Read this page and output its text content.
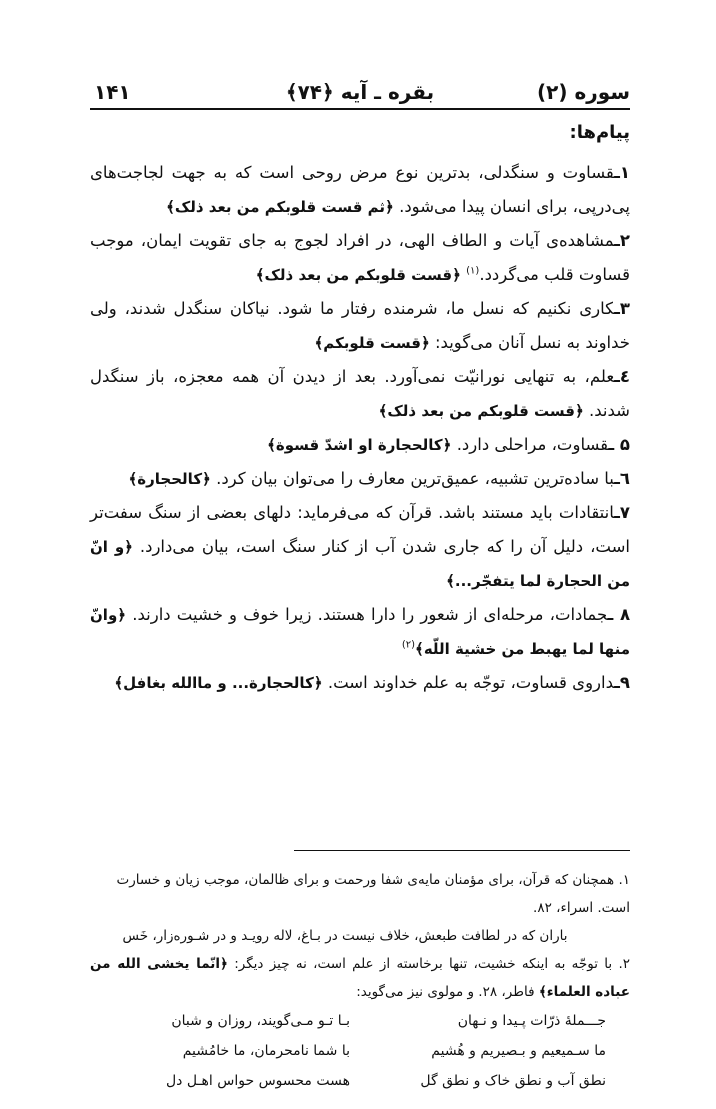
سوره (۲)
بقره ـ آیه ﴿۷۴﴾
۱۴۱
پیام‌ها:

۱ـقساوت و سنگدلی، بدترین نوع مرض روحی است که به جهت لجاجت‌های پی‌درپی، برای انسان پیدا می‌شود. ﴿ثم قست قلوبکم من بعد ذلک﴾

۲ـمشاهده‌ی آیات و الطاف الهی، در افراد لجوج به جای تقویت ایمان، موجب قساوت قلب می‌گردد.$^{(۱)}$ ﴿قست قلوبکم من بعد ذلک﴾

۳ـکاری نکنیم که نسل ما، شرمنده رفتار ما شود. نیاکان سنگدل شدند، ولی خداوند به نسل آنان می‌گوید: ﴿قست قلوبکم﴾

٤ـعلم، به تنهایی نورانیّت نمی‌آورد. بعد از دیدن آن همه معجزه، باز سنگدل شدند. ﴿قست قلوبکم من بعد ذلک﴾

۵ ـقساوت، مراحلی دارد. ﴿کالحجارة او اشدّ قسوة﴾

٦ـبا ساده‌ترین تشبیه، عمیق‌ترین معارف را می‌توان بیان کرد. ﴿کالحجارة﴾

۷ـانتقادات باید مستند باشد. قرآن که می‌فرماید: دلهای بعضی از سنگ سفت‌تر است، دلیل آن را که جاری شدن آب از کنار سنگ است، بیان می‌دارد. ﴿و انّ من الحجارة لما یتفجّر...﴾

۸ ـجمادات، مرحله‌ای از شعور را دارا هستند. زیرا خوف و خشیت دارند. ﴿وانّ منها لما یهبط من خشیة اللّه﴾$^{(۲)}$

۹ـداروی قساوت، توجّه به علم خداوند است. ﴿کالحجارة... و ماالله بغافل﴾

۱. همچنان که قرآن، برای مؤمنان مایه‌ی شفا ورحمت و برای ظالمان، موجب زیان و خسارت

است. اسراء، ۸۲.

باران که در لطافت طبعش، خلاف نیست در بـاغ، لاله رویـد و در شـوره‌زار، خَس

۲. با توجّه به اینکه خشیت، تنها برخاسته از علم است، نه چیز دیگر: ﴿انّما یخشی الله من عباده العلماء﴾ فاطر، ۲۸. و مولوی نیز می‌گوید:

جـــملهٔ ذرّات پـیدا و نـهان
بـا تـو مـی‌گویند، روزان و شبان
ما سـمیعیم و بـصیریم و هُشیم
با شما نامحرمان، ما خامُشیم
نطق آب و نطق خاک و نطق گل
هست محسوس حواس اهـل دل
